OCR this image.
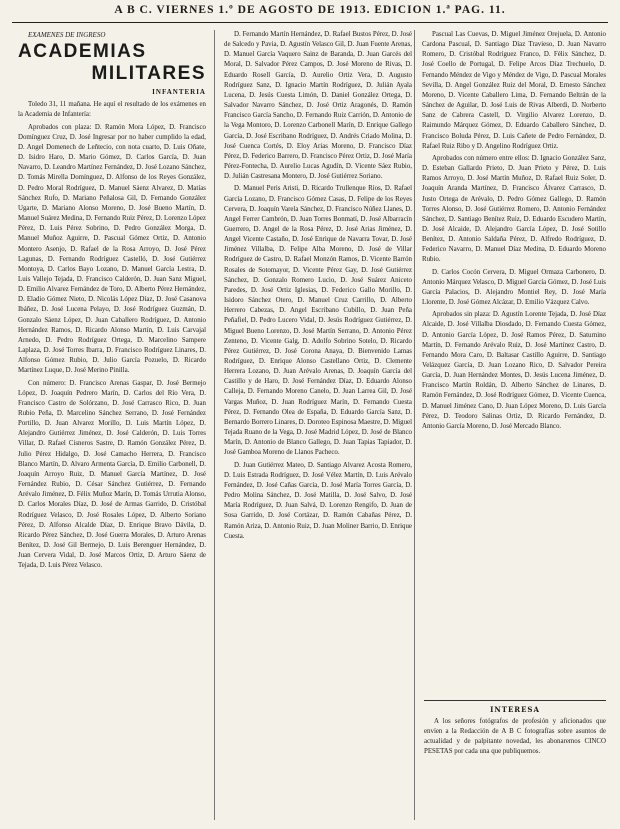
A B C. VIERNES 1.º DE AGOSTO DE 1913. EDICION 1.ª PAG. 11.
EXAMENES DE INGRESO
ACADEMIAS
MILITARES
INFANTERIA

Toledo 31, 11 mañana. He aquí el resultado de los exámenes en la Academia de Infantería:

Aprobados con plaza: D. Ramón Mora López, D. Francisco Domínguez Cruz, D. José Ingresar por no haber cumplido la edad, D. Angel Domenech de Leñtecio, con nota cuarto, D. Luis Oñate, D. Isidro Haro, D. Mario Gómez, D. Carlos García, D. Juan Navarro, D. Leandro Martínez Fernández, D. José Lozano Sánchez, D. Tomás Mirella Domínguez, D. Alfonso de los Reyes González, D. Pedro Moral Rodríguez, D. Manuel Sáenz Alvarez, D. Matías Sánchez Rufo, D. Mariano Peñalosa Gil, D. Fernando González Ugarte, D. Mariano Alonso Moreno, D. José Bueno Martín, D. Manuel Suárez Medina, D. Fernando Ruiz Pérez, D. Lorenzo López Pérez, D. Luis Pérez Sobrino, D. Pedro González Morga, D. Manuel Muñoz Aguirre, D. Pascual Gómez Ortiz, D. Antonio Montero Asenjo, D. Rafael de la Rosa Arroyo, D. José Pérez Lagunas, D. Fernando Rodríguez Castelló, D. José Gutiérrez Montoya, D. Carlos Bayo Lozano, D. Manuel García Lestra, D. Luis Vallejo Tejada, D. Francisco Calderón, D. Juan Sanz Miguel, D. Emilio Alvarez Fernández de Toro, D. Alberto Pérez Hernández, D. Eladio Gómez Nieto, D. Nicolás López Díaz, D. José Casanova Ibáñez, D. José Lucena Pelayo, D. José Rodríguez Guzmán, D. Gonzalo Sáenz López, D. Juan Caballero Rodríguez, D. Antonio Hernández Ramos, D. Ricardo Alonso Martín, D. Luis Carvajal Arnedo, D. Pedro Rodríguez Ortega, D. Marcelino Sampere Laplaza, D. José Torres Ibarra, D. Francisco Rodríguez Linares, D. Alfonso Gómez Rubio, D. Julio García Pozuelo, D. Ricardo Martínez Luque, D. José Merino Pinilla.

Con número: D. Francisco Arenas Gaspar, D. José Bermejo López, D. Joaquín Pedrero Marín, D. Carlos del Río Vera, D. Francisco Castro de Solórzano, D. José Carrasco Rico, D. Juan Rubio Peña, D. Marcelino Sánchez Serrano, D. José Fernández Portillo, D. Juan Alvarez Morillo, D. Luis Martín López, D. Alejandro Gutiérrez Jiménez, D. José Calderón, D. Luis Torres Villar, D. Rafael Cisneros Sastre, D. Ramón González Pérez, D. Julio Pérez Hidalgo, D. José Camacho Herrera, D. Francisco Blanco Martín, D. Alvaro Armenta García, D. Emilio Carbonell, D. Joaquín Arroyo Ruiz, D. Manuel García Martínez, D. José Fernández Rubio, D. César Sánchez Gutiérrez, D. Fernando Arévalo Jiménez, D. Félix Muñoz Marín, D. Tomás Urrutia Alonso, D. Carlos Morales Díaz, D. José de Armas Garrido, D. Cristóbal Rodríguez Velasco, D. José Rosales López, D. Alberto Soriano Pérez, D. Alfonso Alcalde Díaz, D. Enrique Bravo Dávila, D. Ricardo Pérez Sánchez, D. José Guerra Morales, D. Arturo Arenas Benítez, D. José Gil Bermejo, D. Luis Berenguer Hernández, D. Juan Cervera Vidal, D. José Marcos Ortiz, D. Arturo Sáenz de Tejada, D. Luis Pérez Velasco.

D. Fernando Martín Hernández, D. Rafael Bustos Pérez, D. José de Salcedo y Pavia, D. Agustín Velasco Gil, D. Juan Fuente Arenas, D. Manuel García Vaquero Sainz de Baranda, D. Juan Garcés del Moral, D. Salvador Pérez Campos, D. José Moreno de Rivas, D. Eduardo Rosell García, D. Aurelio Ortiz Vera, D. Augusto Rodríguez Sanz, D. Ignacio Martín Rodríguez, D. Julián Ayala Lucena, D. Jesús Cuesta Limón, D. Daniel González Ortega, D. Salvador Navarro Sánchez, D. José Ortiz Aragonés, D. Ramón Francisco García Sancho, D. Fernando Ruiz Carrión, D. Antonio de la Vega Montoro, D. Lorenzo Carbonell Marín, D. Enrique Gallego García, D. José Escribano Rodríguez, D. Andrés Criado Molina, D. José Cuenca Cortés, D. Eloy Arias Moreno, D. Francisco Díaz Pérez, D. Federico Barrero, D. Francisco Pérez Ortiz, D. José María Pérez-Fontecha, D. Aurelio Lucas Agudín, D. Vicente Sáez Rubio, D. Julián Castresana Montero, D. José Gutiérrez Soriano.

D. Manuel Peris Aristi, D. Ricardo Trullenque Ríos, D. Rafael García Lozano, D. Francisco Gómez Casas, D. Felipe de los Reyes Cervera, D. Joaquín Varela Sánchez, D. Francisco Núñez Llanes, D. Angel Ferrer Cambrón, D. Juan Torres Bonmatí, D. José Albarracín Guerrero, D. Angel de la Rosa Pérez, D. José Arias Jiménez, D. Angel Vicente Castaño, D. José Enrique de Navarra Tovar, D. José Jiménez Villalba, D. Felipe Alba Moreno, D. José de Villar Rodríguez de Castro, D. Rafael Monzón Ramos, D. Vicente Barrón Rosales de Sotomayor, D. Vicente Pérez Gay, D. José Gutiérrez Sánchez, D. Gonzalo Romero Lucio, D. José Suárez Aniceto Paredes, D. José Ortiz Iglesias, D. Federico Gallo Morillo, D. Isidoro Sánchez Otero, D. Manuel Cruz Carrillo, D. Alberto Herrero Cabezas, D. Angel Escribano Cubillo, D. Juan Peña Peñafiel, D. Pedro Lucero Vidal, D. Jesús Rodríguez Gutiérrez, D. Miguel Bueno Lorenzo, D. José Martín Serrano, D. Antonio Pérez Zenteno, D. Vicente Galg, D. Adolfo Sobrino Sotelo, D. Ricardo Pérez Gutiérrez, D. José Corona Anaya, D. Bienvenido Lamas Rodríguez, D. Enrique Alonso Castellano Ortiz, D. Clemente Herrera Lozano, D. Juan Arévalo Arenas, D. Joaquín García del Castillo y de Haro, D. José Fernández Díaz, D. Eduardo Alonso Calleja, D. Fernando Moreno Canelo, D. Juan Larrea Gil, D. José Vargas Muñoz, D. Juan Rodríguez Marín, D. Fernando Cuesta Pérez, D. Fernando Olea de España, D. Eduardo García Sanz, D. Bernardo Borrero Linares, D. Doroteo Espinosa Maestre, D. Miguel Tejada Ruano de la Vega, D. José Madrid López, D. José de Blanco Marín, D. Antonio de Blanco Gallego, D. Juan Tapias Tapiador, D. José Gamboa Moreno de Llanos Pacheco.

D. Juan Gutiérrez Mateo, D. Santiago Alvarez Acosta Romero, D. Luis Estrada Rodríguez, D. José Vélez Martín, D. Luis Arévalo Fernández, D. José Cañas García, D. José María Torres García, D. Pedro Molina Sánchez, D. José Matilla, D. José Salvo, D. José María Rodríguez, D. Juan Salvá, D. Lorenzo Rengifo, D. Juan de Sosa Garrido, D. José Cortázar, D. Ramón Cabañas Pérez, D. Ramón Ariza, D. Antonio Ruiz, D. Juan Moliner Barrio, D. Enrique Cuesta.

Pascual Las Cuevas, D. Miguel Jiménez Orejuela, D. Antonio Cardona Pascual, D. Santiago Díaz Travieso, D. Juan Navarro Romero, D. Cristóbal Rodríguez Franco, D. Félix Sánchez, D. José Coello de Portugal, D. Felipe Arcos Díaz Trechuelo, D. Fernando Méndez de Vigo y Méndez de Vigo, D. Pascual Morales Sevilla, D. Angel González Ruiz del Moral, D. Ernesto Sánchez Moreno, D. Vicente Caballero Lima, D. Fernando Beltrán de la Sánchez de Aguilar, D. José Luis de Rivas Alberdi, D. Norberto Sanz de Cabrera Castell, D. Virgilio Alvarez Lorenzo, D. Raimundo Márquez Gómez, D. Eduardo Caballero Sánchez, D. Francisco Boluda Pérez, D. Luis Cañete de Pedro Fernández, D. Rafael Ruiz Ribo y D. Angelino Rodríguez Ortiz.

Aprobados con número entre ellos: D. Ignacio González Sanz, D. Esteban Gallardo Prieto, D. Juan Prieto y Pérez, D. Luis Ramos Arroyo, D. José Martín Muñoz, D. Rafael Ruiz Soler, D. Joaquín Aranda Martínez, D. Francisco Álvarez Carrasco, D. Justo Ortega de Arévalo, D. Pedro Gómez Gallego, D. Ramón Torres Alonso, D. José Gutiérrez Romero, D. Antonio Fernández Sánchez, D. Santiago Benítez Ruiz, D. Eduardo Escudero Martín, D. José Alcaide, D. Alejandro García López, D. José Sotillo Benítez, D. Antonio Saldaña Pérez, D. Alfredo Rodríguez, D. Federico Navarro, D. Manuel Díaz Medina, D. Eduardo Moreno Rubio.

D. Carlos Cocón Cervera, D. Miguel Ormaza Carbonero, D. Antonio Márquez Velasco, D. Miguel García Gómez, D. José Luis García Palacios, D. Alejandro Montiel Rey, D. José María Llorente, D. José Gómez Alcázar, D. Emilio Vázquez Calvo.

Aprobados sin plaza: D. Agustín Lorente Tejada, D. José Díaz Alcaide, D. José Villalba Diosdado, D. Fernando Cuesta Gómez, D. Antonio García López, D. José Ramos Pérez, D. Saturnino Martín, D. Fernando Arévalo Ruiz, D. José Martínez Castro, D. Fernando Mora Caro, D. Baltasar Castillo Aguirre, D. Santiago Velázquez García, D. Juan Lozano Rico, D. Salvador Pereira García, D. Juan Hernández Montes, D. Jesús Lucena Jiménez, D. Francisco Martín Roldán, D. Alberto Sánchez de Linares, D. Ramón Fernández, D. José Rodríguez Gómez, D. Vicente Cuenca, D. Manuel Jiménez Cano, D. Juan López Moreno, D. Luis García Pérez, D. Teodoro Salinas Ortiz, D. Ricardo Fernández, D. Antonio García Moreno, D. José Mercado Blanco.

INTERESA
A los señores fotógrafos de profesión y aficionados que envíen a la Redacción de A B C fotografías sobre asuntos de actualidad y de palpitante novedad, les abonaremos CINCO PESETAS por cada una que publiquemos.
